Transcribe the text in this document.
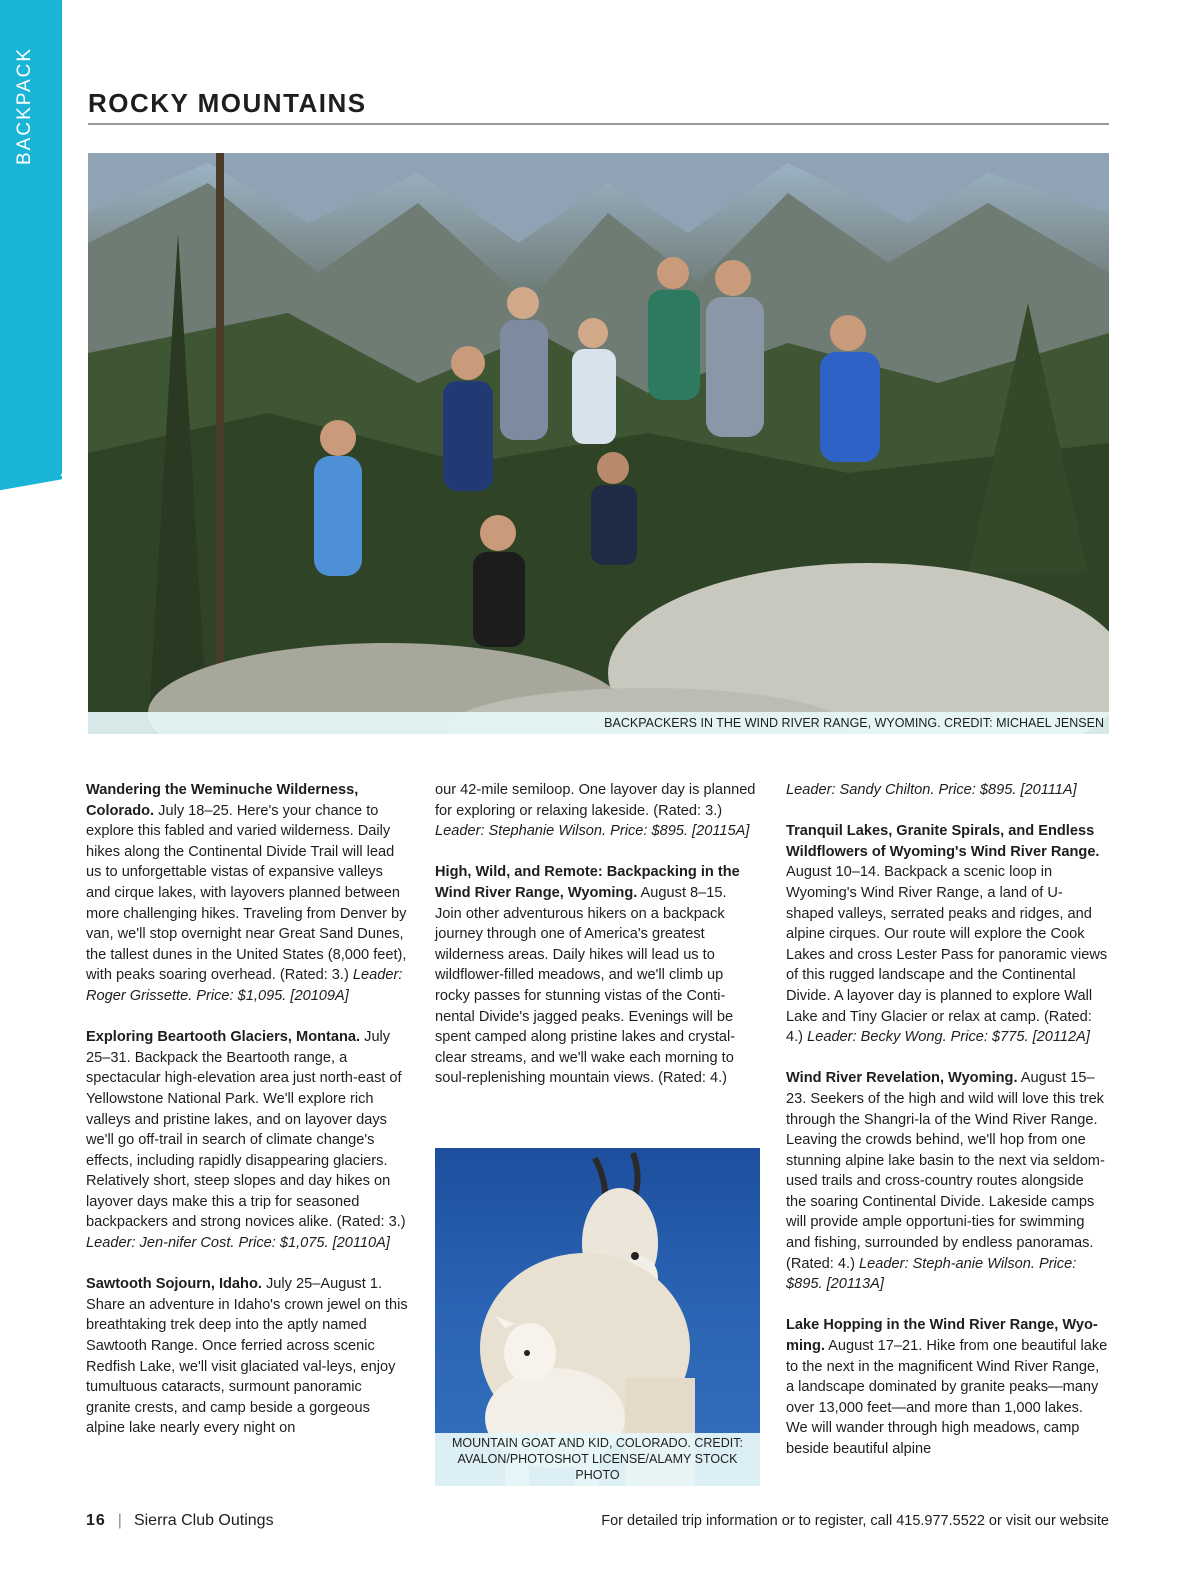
BACKPACK ROCKY MOUNTAINS
BACKPACKERS IN THE WIND RIVER RANGE, WYOMING. CREDIT: MICHAEL JENSEN

Wandering the Weminuche Wilderness, Colorado. July 18–25. Here's your chance to explore this fabled and varied wilderness. Daily hikes along the Continental Divide Trail will lead us to unforgettable vistas of expansive valleys and cirque lakes, with layovers planned between more challenging hikes. Traveling from Denver by van, we'll stop overnight near Great Sand Dunes, the tallest dunes in the United States (8,000 feet), with peaks soaring overhead. (Rated: 3.) Leader: Roger Grissette. Price: $1,095. [20109A]

Exploring Beartooth Glaciers, Montana. July 25–31. Backpack the Beartooth range, a spectacular high-elevation area just north-east of Yellowstone National Park. We'll explore rich valleys and pristine lakes, and on layover days we'll go off-trail in search of climate change's effects, including rapidly disappearing glaciers. Relatively short, steep slopes and day hikes on layover days make this a trip for seasoned backpackers and strong novices alike. (Rated: 3.) Leader: Jen-nifer Cost. Price: $1,075. [20110A]

Sawtooth Sojourn, Idaho. July 25–August 1. Share an adventure in Idaho's crown jewel on this breathtaking trek deep into the aptly named Sawtooth Range. Once ferried across scenic Redfish Lake, we'll visit glaciated val-leys, enjoy tumultuous cataracts, surmount panoramic granite crests, and camp beside a gorgeous alpine lake nearly every night on

our 42-mile semiloop. One layover day is planned for exploring or relaxing lakeside. (Rated: 3.) Leader: Stephanie Wilson. Price: $895. [20115A]

High, Wild, and Remote: Backpacking in the Wind River Range, Wyoming. August 8–15. Join other adventurous hikers on a backpack journey through one of America's greatest wilderness areas. Daily hikes will lead us to wildflower-filled meadows, and we'll climb up rocky passes for stunning vistas of the Conti-nental Divide's jagged peaks. Evenings will be spent camped along pristine lakes and crystal-clear streams, and we'll wake each morning to soul-replenishing mountain views. (Rated: 4.)

MOUNTAIN GOAT AND KID, COLORADO. CREDIT:
AVALON/PHOTOSHOT LICENSE/ALAMY STOCK PHOTO

Leader: Sandy Chilton. Price: $895. [20111A]

Tranquil Lakes, Granite Spirals, and Endless Wildflowers of Wyoming's Wind River Range. August 10–14. Backpack a scenic loop in Wyoming's Wind River Range, a land of U-shaped valleys, serrated peaks and ridges, and alpine cirques. Our route will explore the Cook Lakes and cross Lester Pass for panoramic views of this rugged landscape and the Continental Divide. A layover day is planned to explore Wall Lake and Tiny Glacier or relax at camp. (Rated: 4.) Leader: Becky Wong. Price: $775. [20112A]

Wind River Revelation, Wyoming. August 15–23. Seekers of the high and wild will love this trek through the Shangri-la of the Wind River Range. Leaving the crowds behind, we'll hop from one stunning alpine lake basin to the next via seldom-used trails and cross-country routes alongside the soaring Continental Divide. Lakeside camps will provide ample opportuni-ties for swimming and fishing, surrounded by endless panoramas. (Rated: 4.) Leader: Steph-anie Wilson. Price: $895. [20113A]

Lake Hopping in the Wind River Range, Wyo-ming. August 17–21. Hike from one beautiful lake to the next in the magnificent Wind River Range, a landscape dominated by granite peaks—many over 13,000 feet—and more than 1,000 lakes. We will wander through high meadows, camp beside beautiful alpine

16 | Sierra Club Outings	For detailed trip information or to register, call 415.977.5522 or visit our website
